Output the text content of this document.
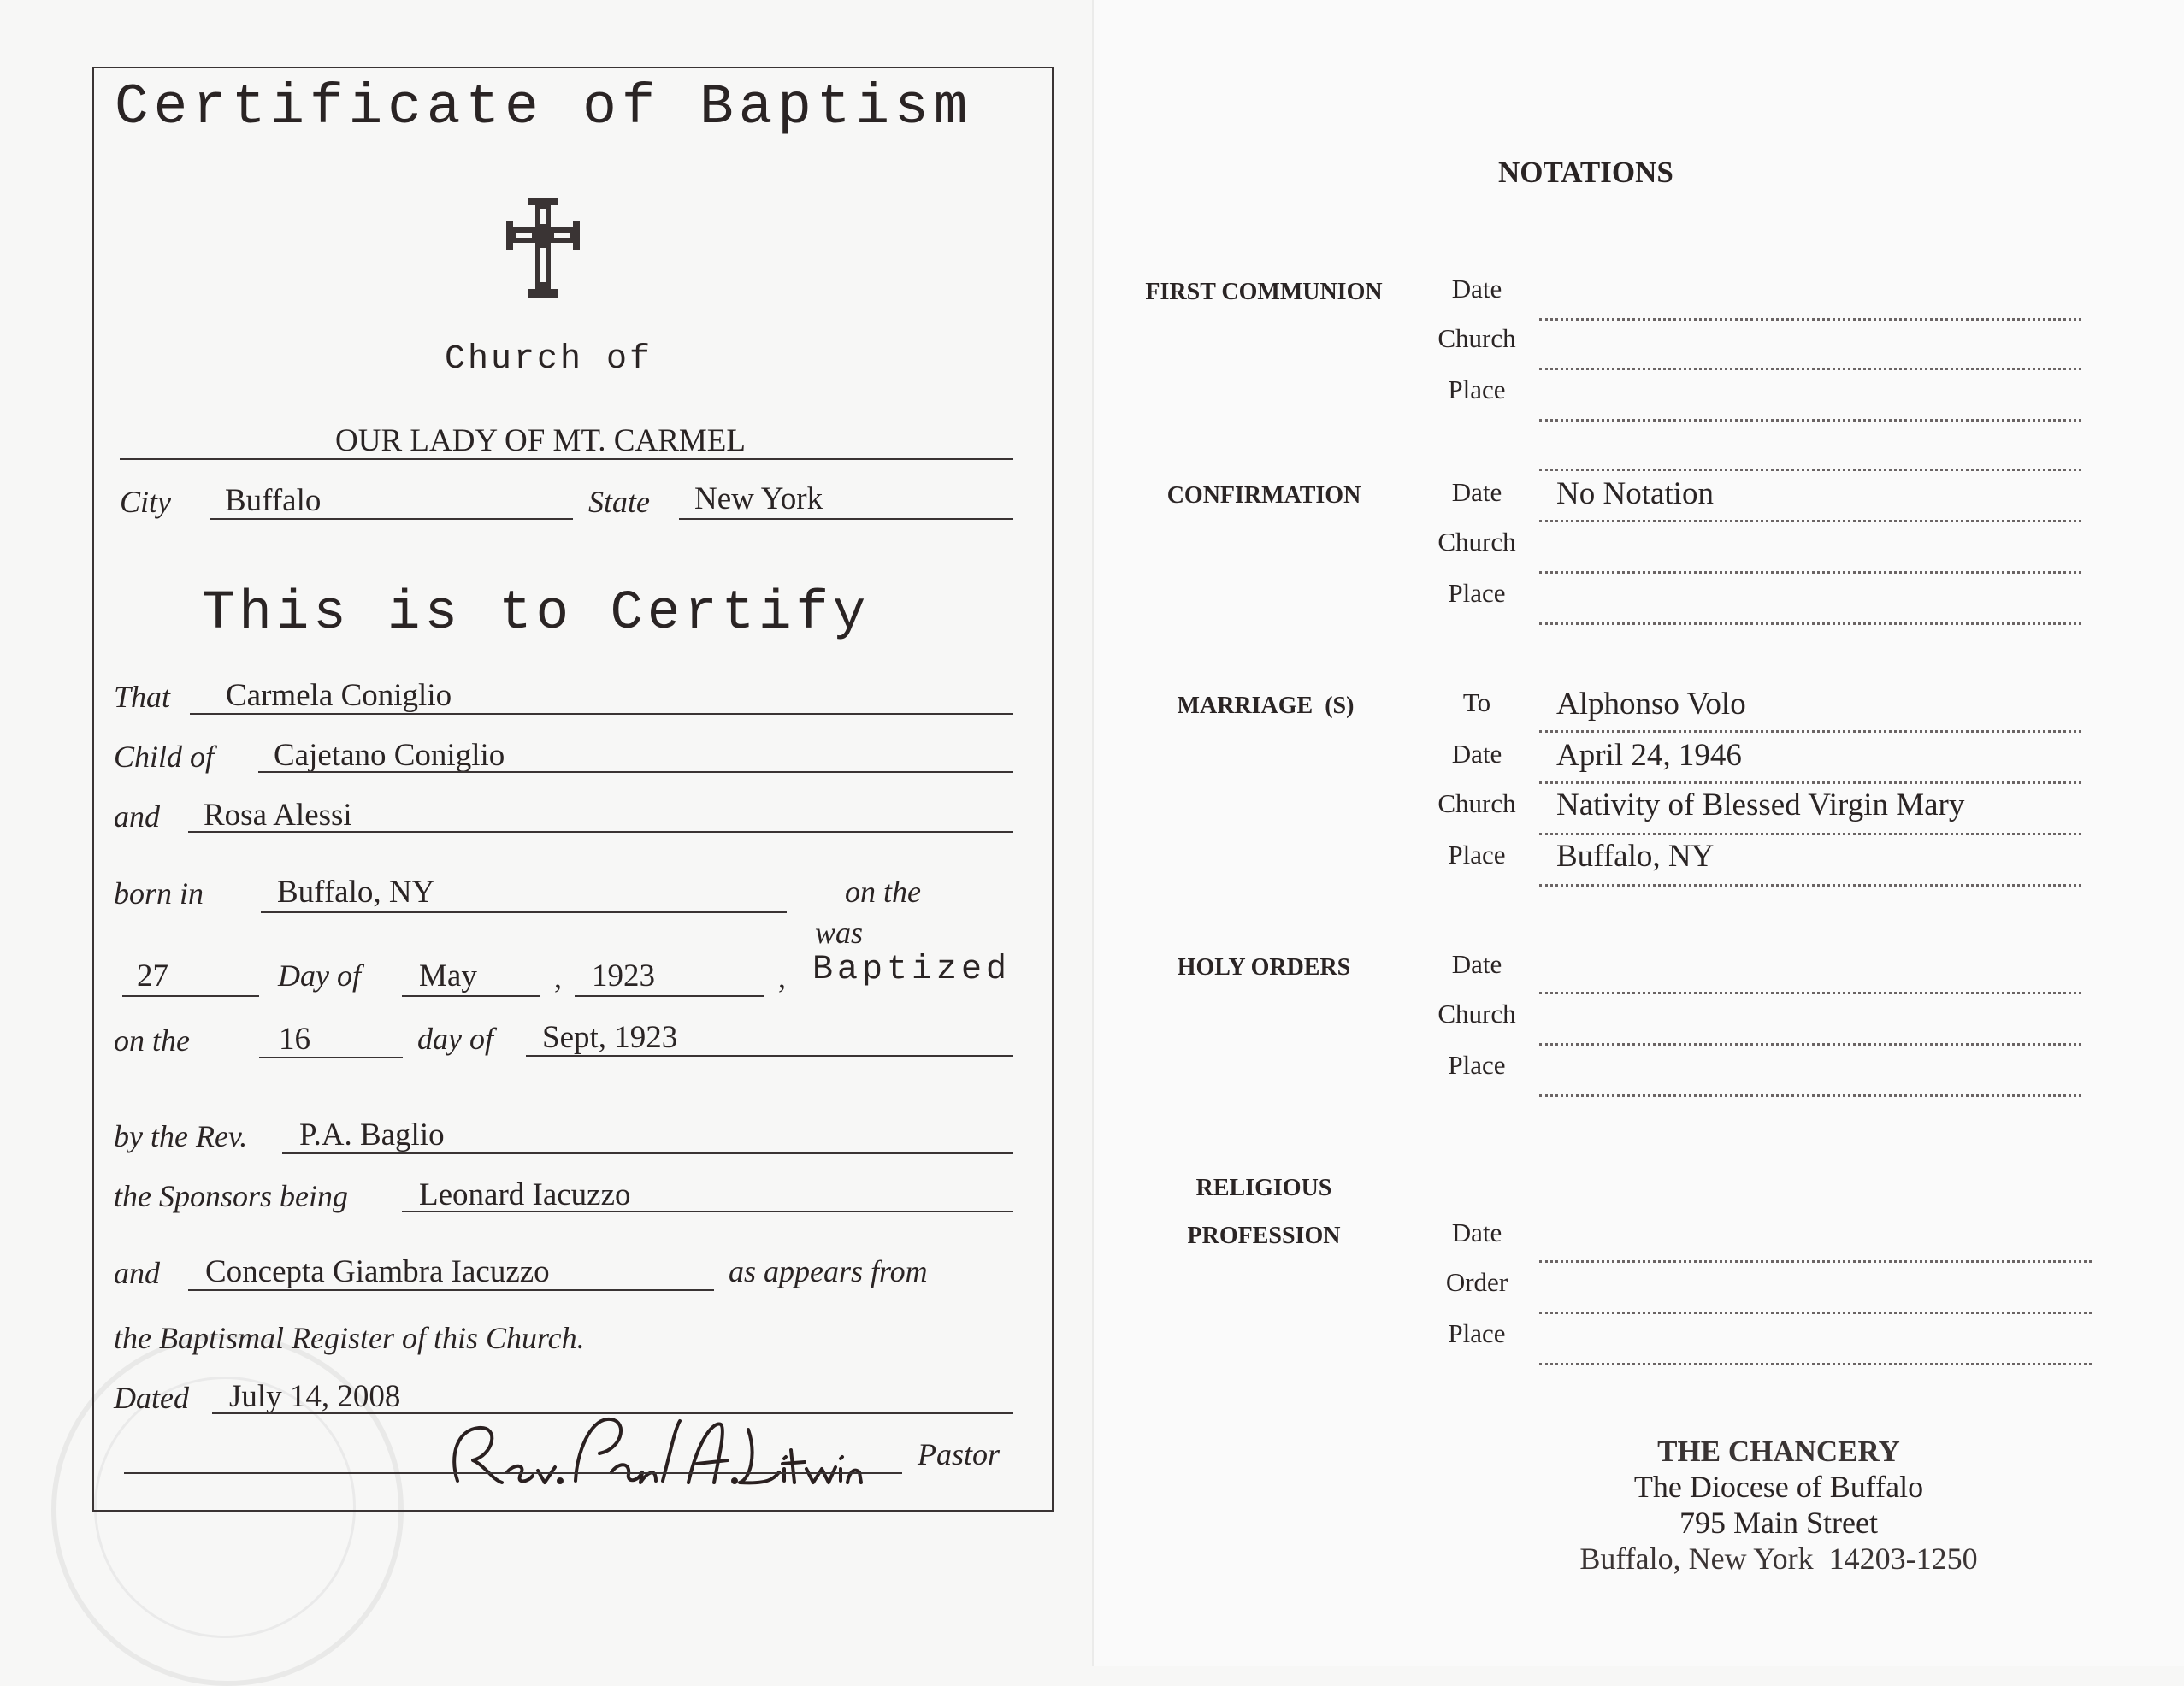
Certificate of Baptism
Church of
OUR LADY OF MT. CARMEL
City Buffalo	State New York
This is to Certify
That Carmela Coniglio
Child of Cajetano Coniglio
and Rosa Alessi
born in Buffalo, NY	on the
was
27	Day of May	, 1923	, Baptized
on the	16	day of Sept, 1923
by the Rev. P.A. Baglio
the Sponsors being Leonard Iacuzzo
and Concepta Giambra Iacuzzo	as appears from
the Baptismal Register of this Church.
Dated July 14, 2008
Pastor
NOTATIONS
FIRST COMMUNION	Date
Church
Place
CONFIRMATION	Date	No Notation
Church
Place
MARRIAGE (S)	To	Alphonso Volo
Date	April 24, 1946
Church Nativity of Blessed Virgin Mary
Place	Buffalo, NY
HOLY ORDERS	Date
Church
Place
RELIGIOUS
PROFESSION	Date
Order
Place
THE CHANCERY
The Diocese of Buffalo
795 Main Street
Buffalo, New York  14203-1250
